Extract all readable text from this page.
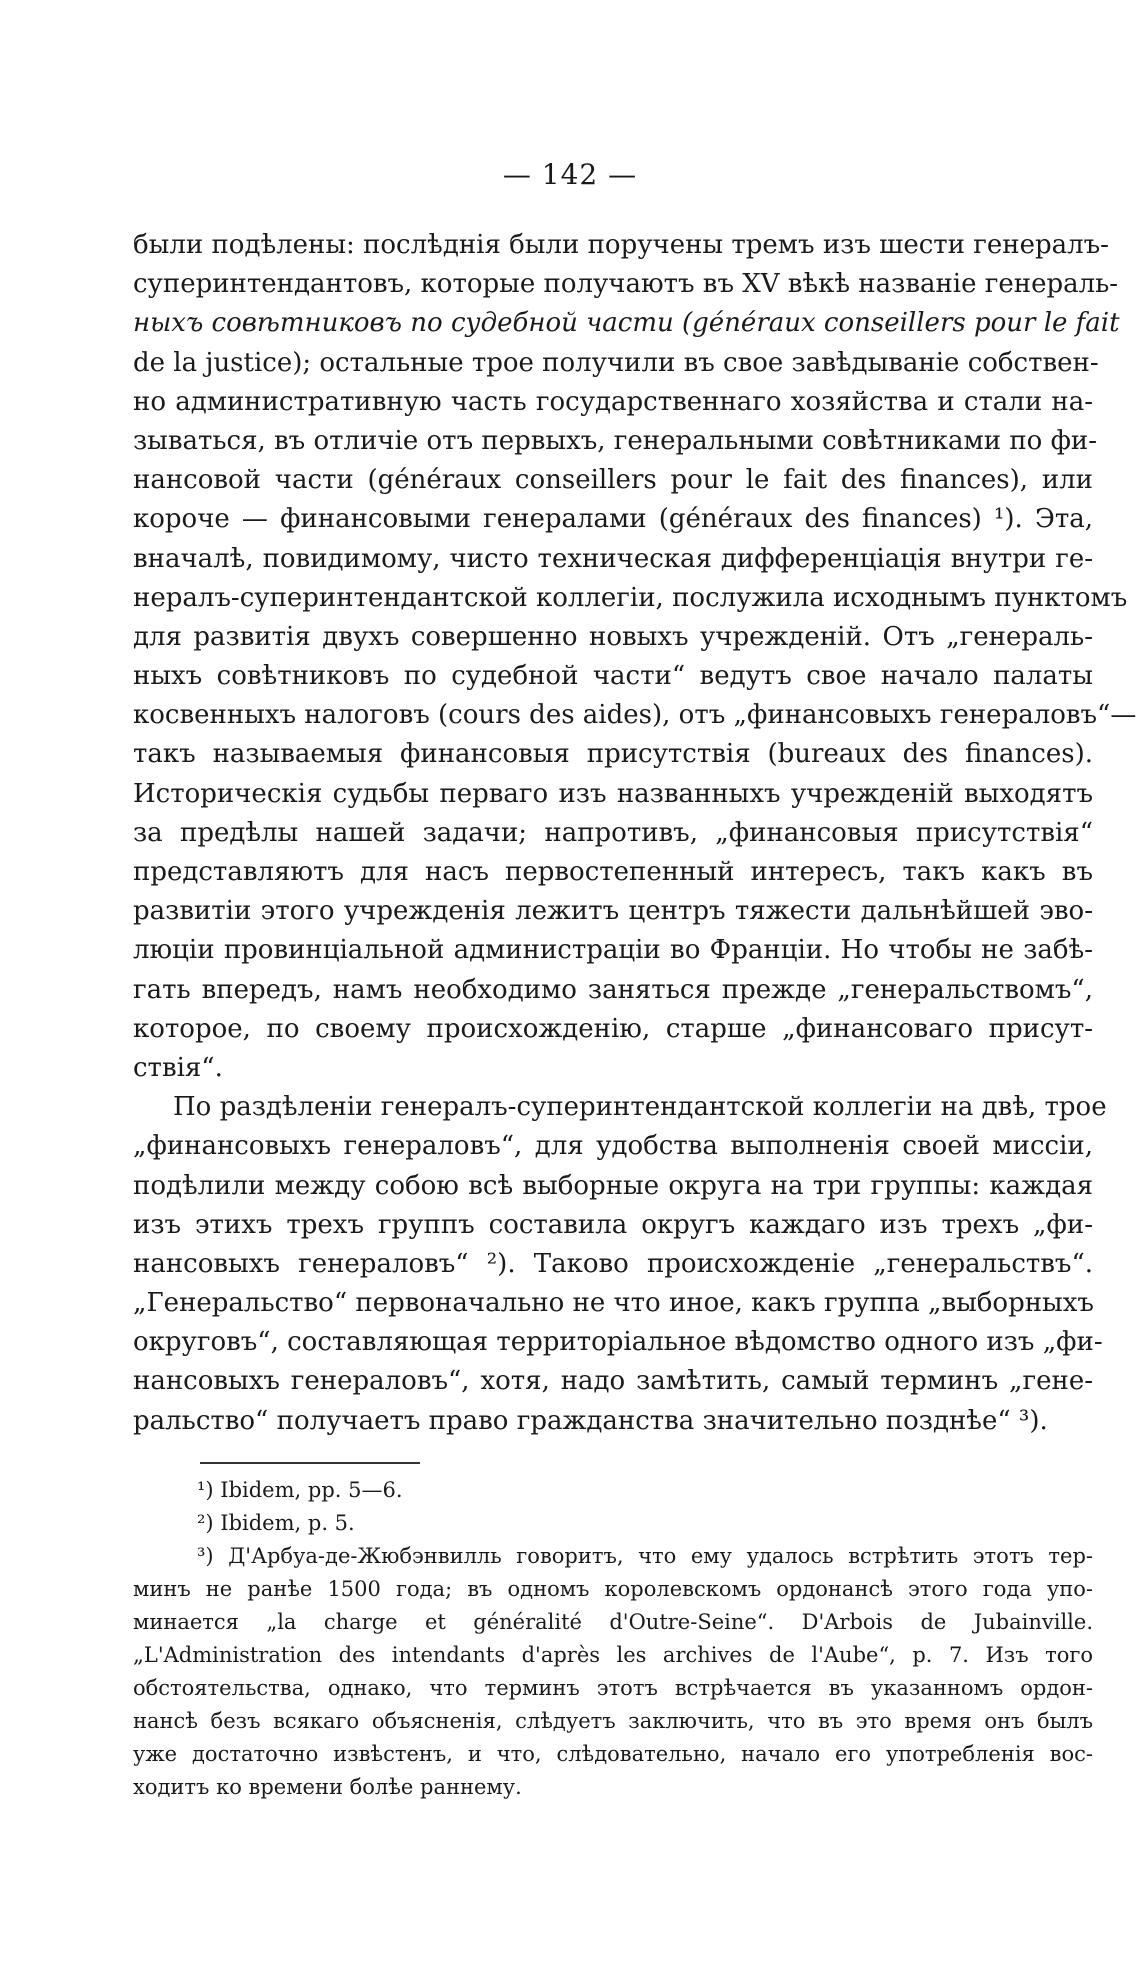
— 142 —
были подѣлены: послѣднія были поручены тремъ изъ шести генералъ-
суперинтендантовъ, которые получаютъ въ XV вѣкѣ названіе генераль-
ныхъ совѣтниковъ по судебной части (généraux conseillers pour le fait
de la justice); остальные трое получили въ свое завѣдываніе собствен-
но административную часть государственнаго хозяйства и стали на-
зываться, въ отличіе отъ первыхъ, генеральными совѣтниками по фи-
нансовой части (généraux conseillers pour le fait des finances), или
короче — финансовыми генералами (généraux des finances) ¹). Эта,
вначалѣ, повидимому, чисто техническая дифференціація внутри ге-
нералъ-суперинтендантской коллегіи, послужила исходнымъ пунктомъ
для развитія двухъ совершенно новыхъ учрежденій. Отъ „генераль-
ныхъ совѣтниковъ по судебной части“ ведутъ свое начало палаты
косвенныхъ налоговъ (cours des aides), отъ „финансовыхъ генераловъ“—
такъ называемыя финансовыя присутствія (bureaux des finances).
Историческія судьбы перваго изъ названныхъ учрежденій выходятъ
за предѣлы нашей задачи; напротивъ, „финансовыя присутствія“
представляютъ для насъ первостепенный интересъ, такъ какъ въ
развитіи этого учрежденія лежитъ центръ тяжести дальнѣйшей эво-
люціи провинціальной администраціи во Франціи. Но чтобы не забѣ-
гать впередъ, намъ необходимо заняться прежде „генеральствомъ“,
которое, по своему происхожденію, старше „финансоваго присут-
ствія“.
По раздѣленіи генералъ-суперинтендантской коллегіи на двѣ, трое
„финансовыхъ генераловъ“, для удобства выполненія своей миссіи,
подѣлили между собою всѣ выборные округа на три группы: каждая
изъ этихъ трехъ группъ составила округъ каждаго изъ трехъ „фи-
нансовыхъ генераловъ“ ²). Таково происхожденіе „генеральствъ“.
„Генеральство“ первоначально не что иное, какъ группа „выборныхъ
округовъ“, составляющая территоріальное вѣдомство одного изъ „фи-
нансовыхъ генераловъ“, хотя, надо замѣтить, самый терминъ „гене-
ральство“ получаетъ право гражданства значительно позднѣе“ ³).
¹) Ibidem, pp. 5—6.
²) Ibidem, p. 5.
³) Д'Арбуа-де-Жюбэнвилль говоритъ, что ему удалось встрѣтить этотъ тер-
минъ не ранѣе 1500 года; въ одномъ королевскомъ ордонансѣ этого года упо-
минается „la charge et généralité d'Outre-Seine“. D'Arbois de Jubainville.
„L'Administration des intendants d'après les archives de l'Aube“, p. 7. Изъ того
обстоятельства, однако, что терминъ этотъ встрѣчается въ указанномъ ордон-
нансѣ безъ всякаго объясненія, слѣдуетъ заключить, что въ это время онъ былъ
уже достаточно извѣстенъ, и что, слѣдовательно, начало его употребленія вос-
ходитъ ко времени болѣе раннему.
